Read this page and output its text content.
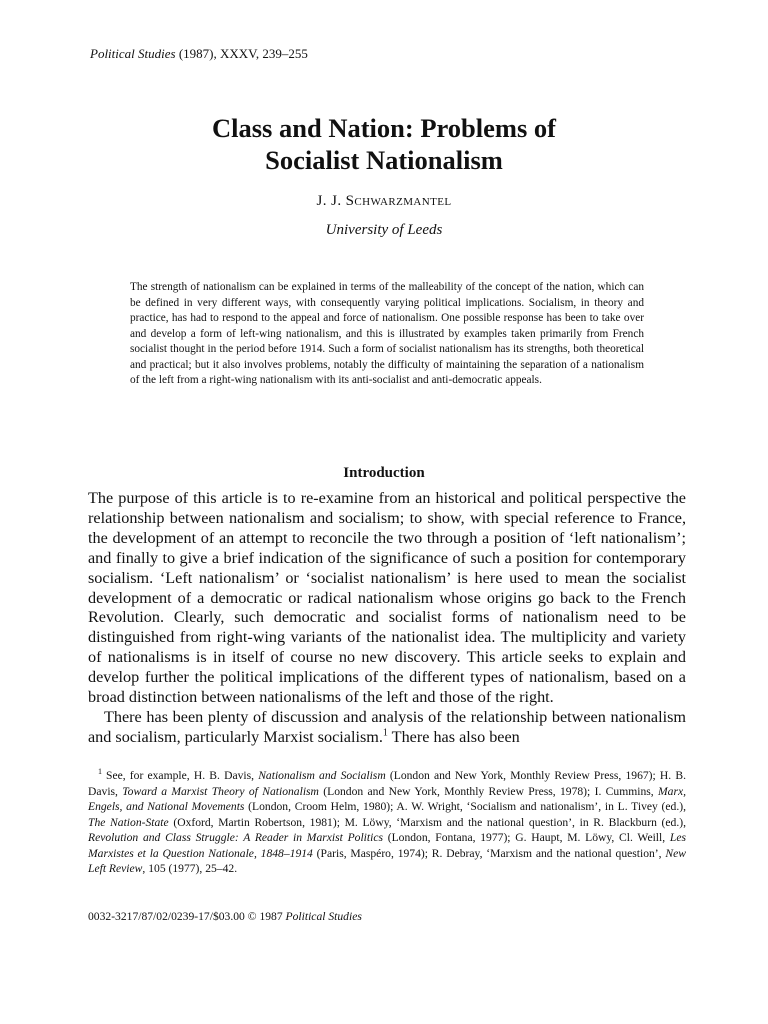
Political Studies (1987), XXXV, 239–255
Class and Nation: Problems of
Socialist Nationalism
J. J. Schwarzmantel
University of Leeds
The strength of nationalism can be explained in terms of the malleability of the concept of the nation, which can be defined in very different ways, with consequently varying political implications. Socialism, in theory and practice, has had to respond to the appeal and force of nationalism. One possible response has been to take over and develop a form of left-wing nationalism, and this is illustrated by examples taken primarily from French socialist thought in the period before 1914. Such a form of socialist nationalism has its strengths, both theoretical and practical; but it also involves problems, notably the difficulty of maintaining the separation of a nationalism of the left from a right-wing nationalism with its anti-socialist and anti-democratic appeals.
Introduction

The purpose of this article is to re-examine from an historical and political perspective the relationship between nationalism and socialism; to show, with special reference to France, the development of an attempt to reconcile the two through a position of ‘left nationalism’; and finally to give a brief indication of the significance of such a position for contemporary socialism. ‘Left nationalism’ or ‘socialist nationalism’ is here used to mean the socialist development of a democratic or radical nationalism whose origins go back to the French Revolution. Clearly, such democratic and socialist forms of nationalism need to be distinguished from right-wing variants of the nationalist idea. The multiplicity and variety of nationalisms is in itself of course no new discovery. This article seeks to explain and develop further the political implications of the different types of nationalism, based on a broad distinction between nationalisms of the left and those of the right.

There has been plenty of discussion and analysis of the relationship between nationalism and socialism, particularly Marxist socialism.$^1$ There has also been

$^1$ See, for example, H. B. Davis, Nationalism and Socialism (London and New York, Monthly Review Press, 1967); H. B. Davis, Toward a Marxist Theory of Nationalism (London and New York, Monthly Review Press, 1978); I. Cummins, Marx, Engels, and National Movements (London, Croom Helm, 1980); A. W. Wright, ‘Socialism and nationalism’, in L. Tivey (ed.), The Nation-State (Oxford, Martin Robertson, 1981); M. Löwy, ‘Marxism and the national question’, in R. Blackburn (ed.), Revolution and Class Struggle: A Reader in Marxist Politics (London, Fontana, 1977); G. Haupt, M. Löwy, Cl. Weill, Les Marxistes et la Question Nationale, 1848–1914 (Paris, Maspéro, 1974); R. Debray, ‘Marxism and the national question’, New Left Review, 105 (1977), 25–42.
0032-3217/87/02/0239-17/$03.00 © 1987 Political Studies
